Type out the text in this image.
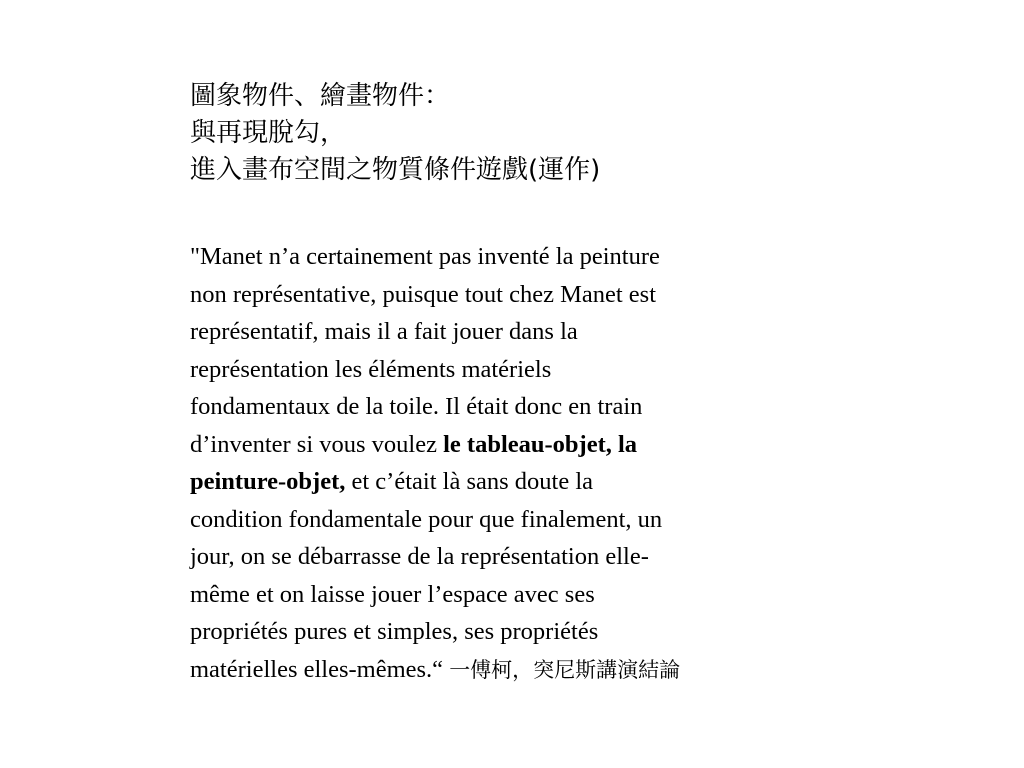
圖象物件、繪畫物件：
與再現脫勾，
進入畫布空間之物質條件遊戲(運作)

"Manet n’a certainement pas inventé la peinture
non représentative, puisque tout chez Manet est
représentatif, mais il a fait jouer dans la
représentation les éléments matériels
fondamentaux de la toile. Il était donc en train
d’inventer si vous voulez le tableau-objet, la
peinture-objet, et c’était là sans doute la
condition fondamentale pour que finalement, un
jour, on se débarrasse de la représentation elle-
même et on laisse jouer l’espace avec ses
propriétés pures et simples, ses propriétés
matérielles elles-mêmes.“ 一傅柯，突尼斯講演結論
